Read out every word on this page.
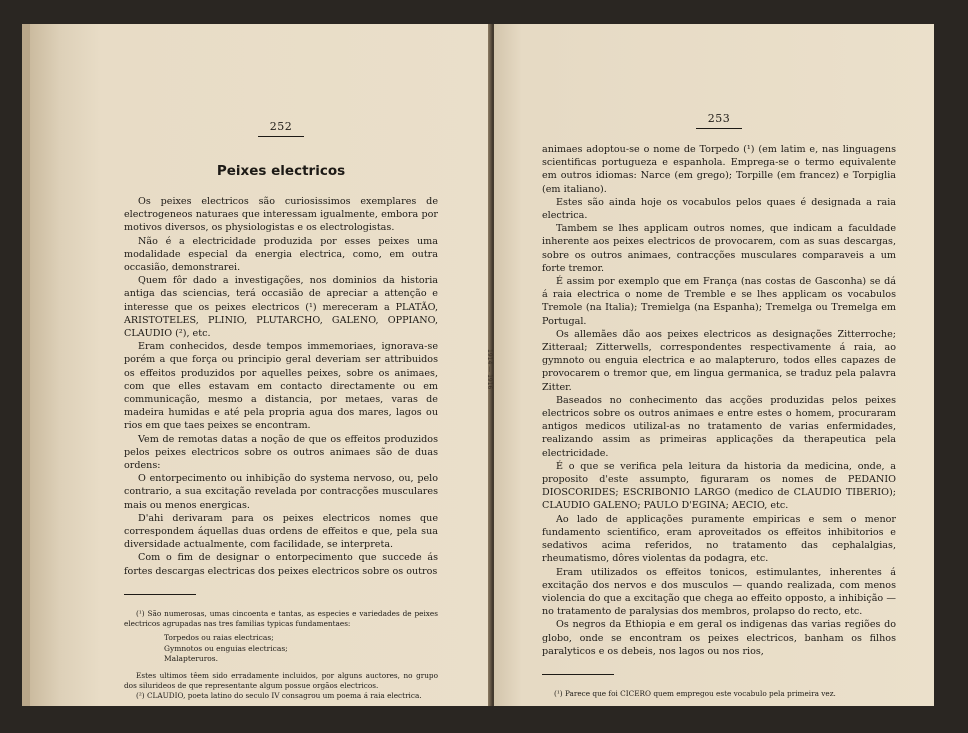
252
Peixes electricos

Os peixes electricos são curiosissimos exemplares de electrogeneos naturaes que interessam igualmente, embora por motivos diversos, os physiologistas e os electrologistas.

Não é a electricidade produzida por esses peixes uma modalidade especial da energia electrica, como, em outra occasião, demonstrarei.

Quem fôr dado a investigações, nos dominios da historia antiga das sciencias, terá occasião de apreciar a attenção e interesse que os peixes electricos (¹) mereceram a PLATÃO, ARISTOTELES, PLINIO, PLUTARCHO, GALENO, OPPIANO, CLAUDIO (²), etc.

Eram conhecidos, desde tempos immemoriaes, ignorava-se porém a que força ou principio geral deveriam ser attribuidos os effeitos produzidos por aquelles peixes, sobre os animaes, com que elles estavam em contacto directamente ou em communicação, mesmo a distancia, por metaes, varas de madeira humidas e até pela propria agua dos mares, lagos ou rios em que taes peixes se encontram.

Vem de remotas datas a noção de que os effeitos produzidos pelos peixes electricos sobre os outros animaes são de duas ordens:

O entorpecimento ou inhibição do systema nervoso, ou, pelo contrario, a sua excitação revelada por contracções musculares mais ou menos energicas.

D'ahi derivaram para os peixes electricos nomes que correspondem áquellas duas ordens de effeitos e que, pela sua diversidade actualmente, com facilidade, se interpreta.

Com o fim de designar o entorpecimento que succede ás fortes descargas electricas dos peixes electricos sobre os outros

(¹) São numerosas, umas cincoenta e tantas, as especies e variedades de peixes electricos agrupadas nas tres familias typicas fundamentaes:

Torpedos ou raias electricas;
Gymnotos ou enguias electricas;
Malapteruros.

Estes ultimos têem sido erradamente incluidos, por alguns auctores, no grupo dos silurideos de que representante algum possue orgãos electricos.

(²) CLAUDIO, poeta latino do seculo IV consagrou um poema á raia electrica.

1914 — 1916
253

animaes adoptou-se o nome de Torpedo (¹) (em latim e, nas linguagens scientificas portugueza e espanhola. Emprega-se o termo equivalente em outros idiomas: Narce (em grego); Torpille (em francez) e Torpiglia (em italiano).

Estes são ainda hoje os vocabulos pelos quaes é designada a raia electrica.

Tambem se lhes applicam outros nomes, que indicam a faculdade inherente aos peixes electricos de provocarem, com as suas descargas, sobre os outros animaes, contracções musculares comparaveis a um forte tremor.

É assim por exemplo que em França (nas costas de Gasconha) se dá á raia electrica o nome de Tremble e se lhes applicam os vocabulos Tremole (na Italia); Tremielga (na Espanha); Tremelga ou Tremelga em Portugal.

Os allemães dão aos peixes electricos as designações Zitterroche; Zitteraal; Zitterwells, correspondentes respectivamente á raia, ao gymnoto ou enguia electrica e ao malapteruro, todos elles capazes de provocarem o tremor que, em lingua germanica, se traduz pela palavra Zitter.

Baseados no conhecimento das acções produzidas pelos peixes electricos sobre os outros animaes e entre estes o homem, procuraram antigos medicos utilizal-as no tratamento de varias enfermidades, realizando assim as primeiras applicações da therapeutica pela electricidade.

É o que se verifica pela leitura da historia da medicina, onde, a proposito d'este assumpto, figuraram os nomes de PEDANIO DIOSCORIDES; ESCRIBONIO LARGO (medico de CLAUDIO TIBERIO); CLAUDIO GALENO; PAULO D'EGINA; AECIO, etc.

Ao lado de applicações puramente empiricas e sem o menor fundamento scientifico, eram aproveitados os effeitos inhibitorios e sedativos acima referidos, no tratamento das cephalalgias, rheumatismo, dôres violentas da podagra, etc.

Eram utilizados os effeitos tonicos, estimulantes, inherentes á excitação dos nervos e dos musculos — quando realizada, com menos violencia do que a excitação que chega ao effeito opposto, a inhibição — no tratamento de paralysias dos membros, prolapso do recto, etc.

Os negros da Ethiopia e em geral os indigenas das varias regiões do globo, onde se encontram os peixes electricos, banham os filhos paralyticos e os debeis, nos lagos ou nos rios,

(¹) Parece que foi CICERO quem empregou este vocabulo pela primeira vez.
